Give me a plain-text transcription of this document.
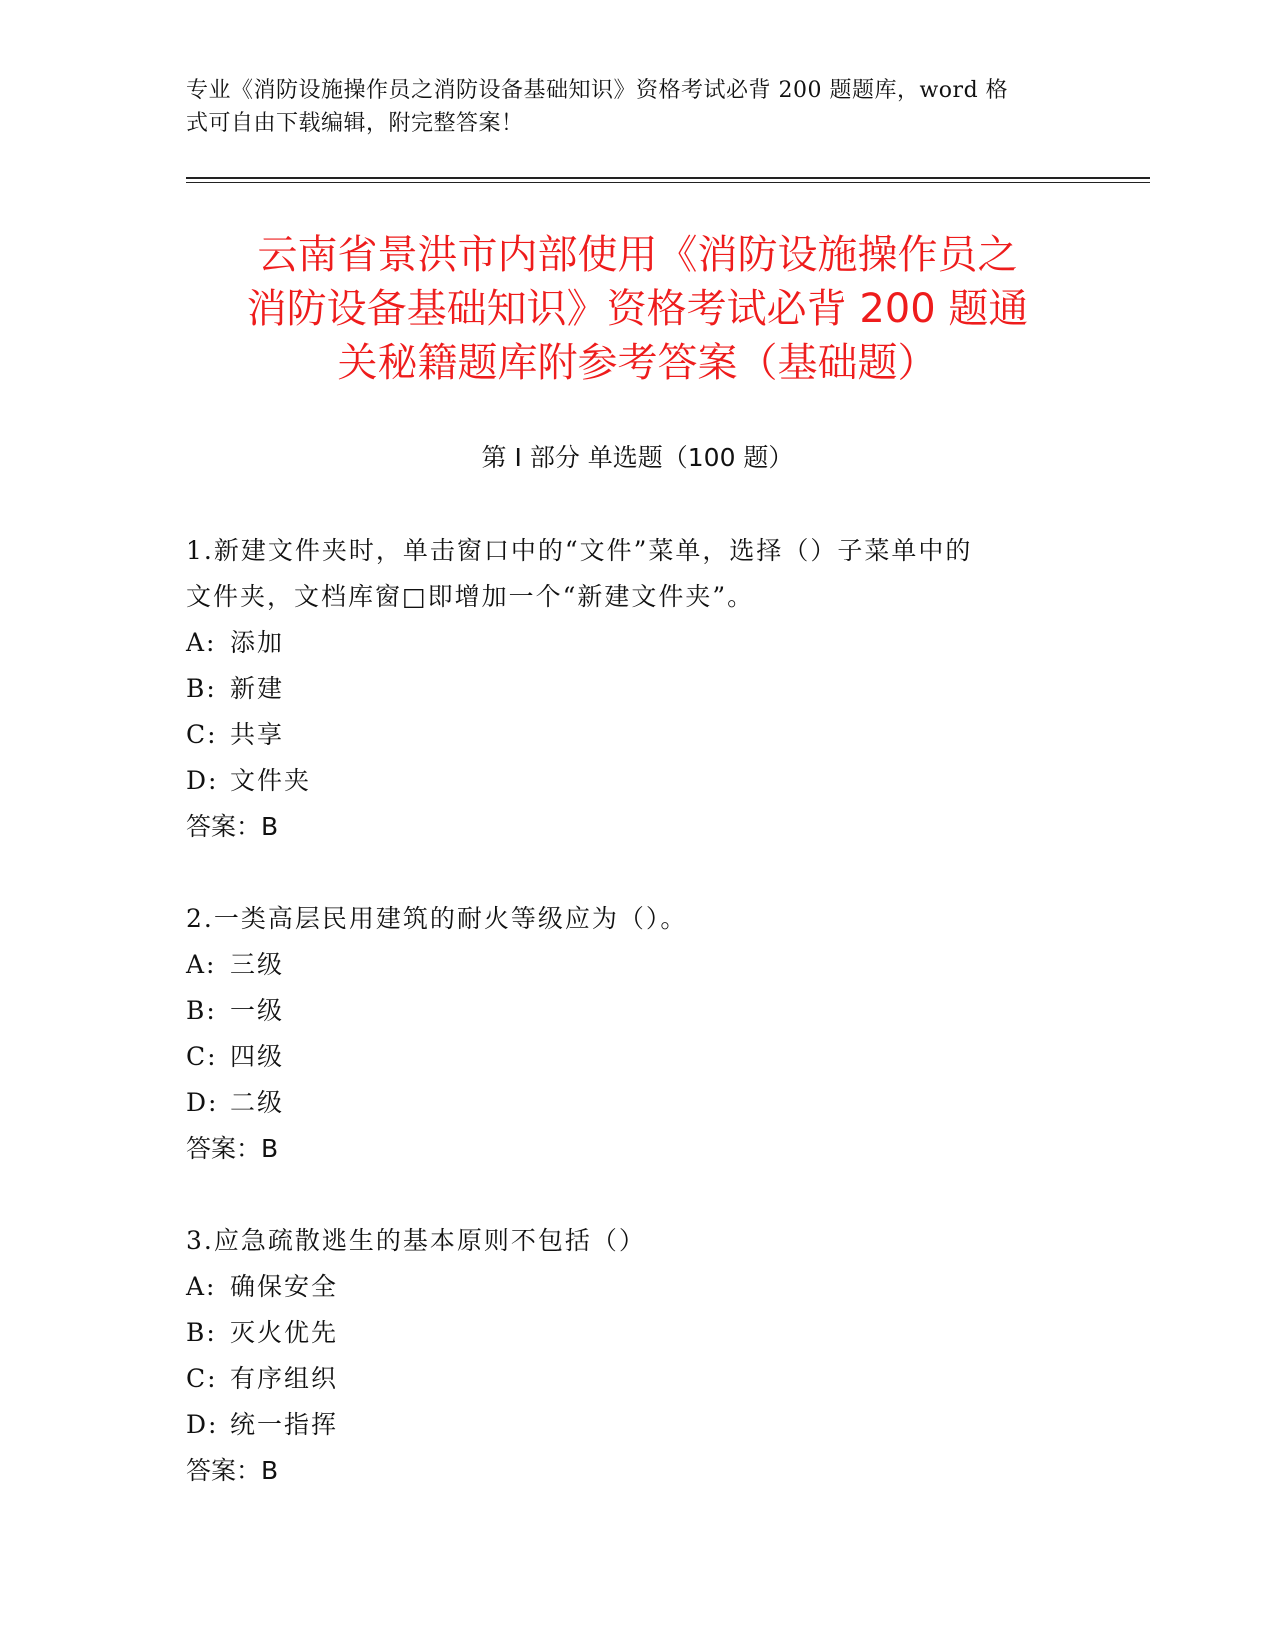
专业《消防设施操作员之消防设备基础知识》资格考试必背 200 题题库，word 格
式可自由下载编辑，附完整答案！
云南省景洪市内部使用《消防设施操作员之
消防设备基础知识》资格考试必背 200 题通
关秘籍题库附参考答案（基础题）
第 I 部分 单选题（100 题）
1.新建文件夹时，单击窗口中的“文件”菜单，选择（）子菜单中的
文件夹，文档库窗□即增加一个“新建文件夹”。
A: 添加
B: 新建
C: 共享
D: 文件夹
答案：B
2.一类高层民用建筑的耐火等级应为（）。
A: 三级
B: 一级
C: 四级
D: 二级
答案：B
3.应急疏散逃生的基本原则不包括（）
A: 确保安全
B: 灭火优先
C: 有序组织
D: 统一指挥
答案：B
